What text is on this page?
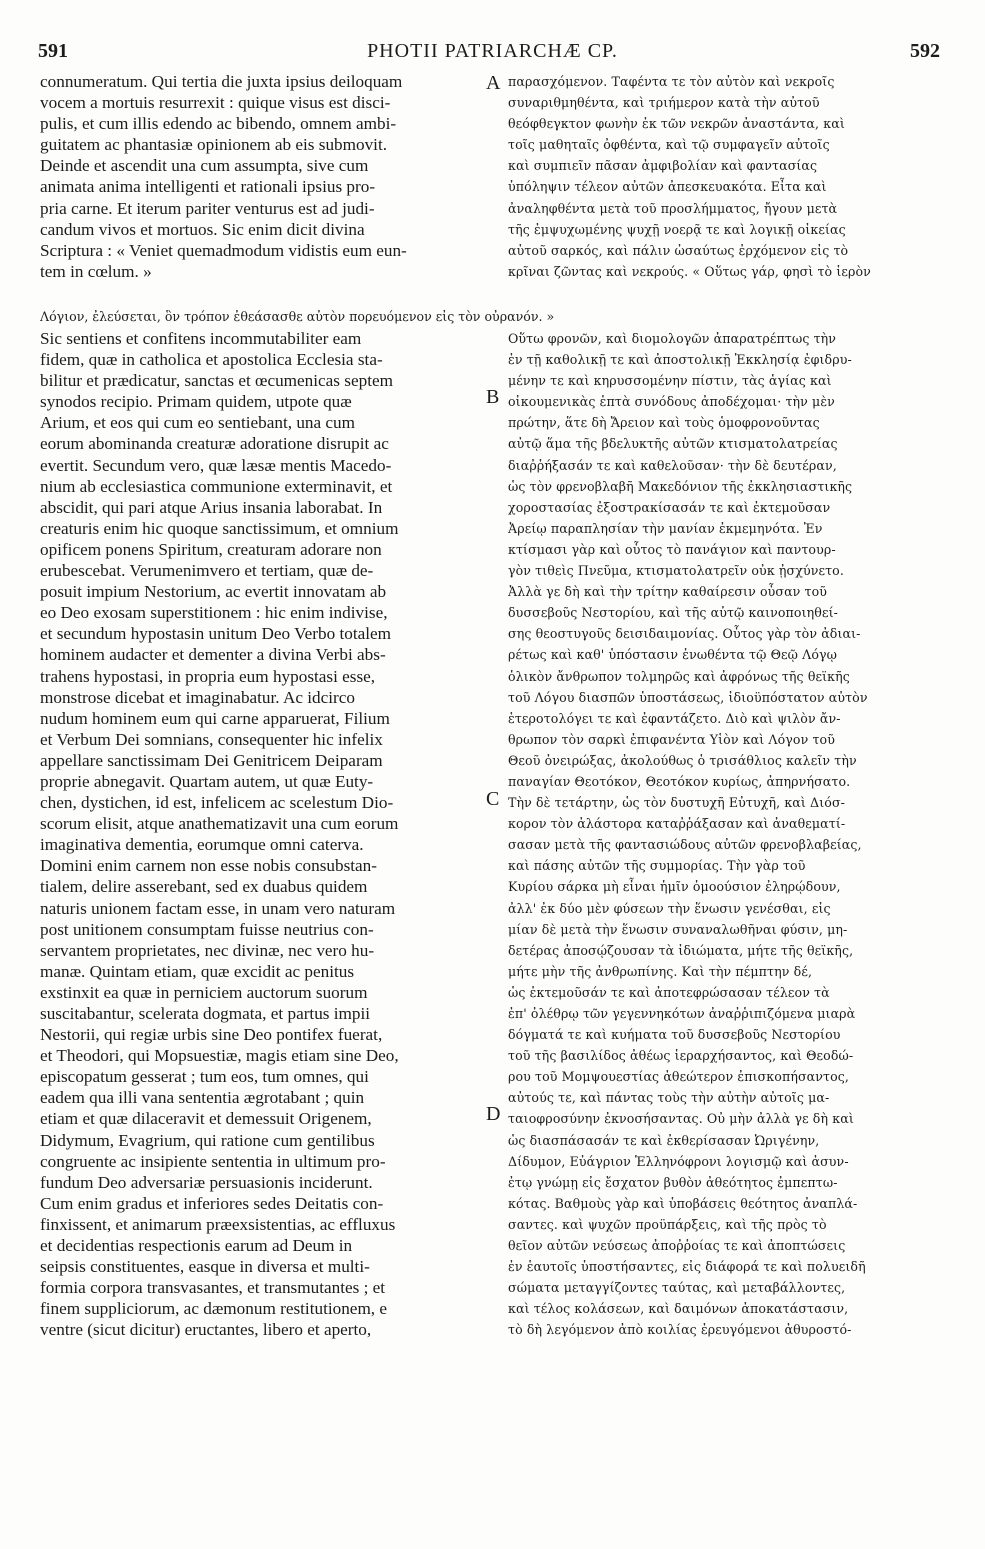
591	PHOTII PATRIARCHÆ CP.	592
connumeratum. Qui tertia die juxta ipsius deiloquam
vocem a mortuis resurrexit : quique visus est disci-
pulis, et cum illis edendo ac bibendo, omnem ambi-
guitatem ac phantasiæ opinionem ab eis submovit.
Deinde et ascendit una cum assumpta, sive cum
animata anima intelligenti et rationali ipsius pro-
pria carne. Et iterum pariter venturus est ad judi-
candum vivos et mortuos. Sic enim dicit divina
Scriptura : « Veniet quemadmodum vidistis eum eun-
tem in cœlum. »
παρασχόμενον. Ταφέντα τε τὸν αὐτὸν καὶ νεκροῖς
συναριθμηθέντα, καὶ τριήμερον κατὰ τὴν αὐτοῦ
θεόφθεγκτον φωνὴν ἐκ τῶν νεκρῶν ἀναστάντα, καὶ
τοῖς μαθηταῖς ὀφθέντα, καὶ τῷ συμφαγεῖν αὐτοῖς
καὶ συμπιεῖν πᾶσαν ἀμφιβολίαν καὶ φαντασίας
ὑπόληψιν τέλεον αὐτῶν ἀπεσκευακότα. Εἶτα καὶ
ἀναληφθέντα μετὰ τοῦ προσλήμματος, ἤγουν μετὰ
τῆς ἐμψυχωμένης ψυχῇ νοερᾷ τε καὶ λογικῇ οἰκείας
αὐτοῦ σαρκός, καὶ πάλιν ὡσαύτως ἐρχόμενον εἰς τὸ
κρῖναι ζῶντας καὶ νεκρούς. « Οὕτως γάρ, φησὶ τὸ ἱερὸν
Λόγιον, ἐλεύσεται, ὃν τρόπον ἐθεάσασθε αὐτὸν πορευόμενον εἰς τὸν οὐρανόν. »
Sic sentiens et confitens incommutabiliter eam
fidem, quæ in catholica et apostolica Ecclesia sta-
bilitur et prædicatur, sanctas et œcumenicas septem
synodos recipio. Primam quidem, utpote quæ
Arium, et eos qui cum eo sentiebant, una cum
eorum abominanda creaturæ adoratione disrupit ac
evertit. Secundum vero, quæ læsæ mentis Macedo-
nium ab ecclesiastica communione exterminavit, et
abscidit, qui pari atque Arius insania laborabat. In
creaturis enim hic quoque sanctissimum, et omnium
opificem ponens Spiritum, creaturam adorare non
erubescebat. Verumenimvero et tertiam, quæ de-
posuit impium Nestorium, ac evertit innovatam ab
eo Deo exosam superstitionem : hic enim indivise,
et secundum hypostasin unitum Deo Verbo totalem
hominem audacter et dementer a divina Verbi abs-
trahens hypostasi, in propria eum hypostasi esse,
monstrose dicebat et imaginabatur. Ac idcirco
nudum hominem eum qui carne apparuerat, Filium
et Verbum Dei somnians, consequenter hic infelix
appellare sanctissimam Dei Genitricem Deiparam
proprie abnegavit. Quartam autem, ut quæ Euty-
chen, dystichen, id est, infelicem ac scelestum Dio-
scorum elisit, atque anathematizavit una cum eorum
imaginativa dementia, eorumque omni caterva.
Domini enim carnem non esse nobis consubstan-
tialem, delire asserebant, sed ex duabus quidem
naturis unionem factam esse, in unam vero naturam
post unitionem consumptam fuisse neutrius con-
servantem proprietates, nec divinæ, nec vero hu-
manæ. Quintam etiam, quæ excidit ac penitus
exstinxit ea quæ in perniciem auctorum suorum
suscitabantur, scelerata dogmata, et partus impii
Nestorii, qui regiæ urbis sine Deo pontifex fuerat,
et Theodori, qui Mopsuestiæ, magis etiam sine Deo,
episcopatum gesserat ; tum eos, tum omnes, qui
eadem qua illi vana sententia ægrotabant ; quin
etiam et quæ dilaceravit et demessuit Origenem,
Didymum, Evagrium, qui ratione cum gentilibus
congruente ac insipiente sententia in ultimum pro-
fundum Deo adversariæ persuasionis inciderunt.
Cum enim gradus et inferiores sedes Deitatis con-
finxissent, et animarum præexsistentias, ac effluxus
et decidentias respectionis earum ad Deum in
seipsis constituentes, easque in diversa et multi-
formia corpora transvasantes, et transmutantes ; et
finem suppliciorum, ac dæmonum restitutionem, e
ventre (sicut dicitur) eructantes, libero et aperto,
Οὕτω φρονῶν, καὶ διομολογῶν ἀπαρατρέπτως τὴν
ἐν τῇ καθολικῇ τε καὶ ἀποστολικῇ Ἐκκλησίᾳ ἐφιδρυ-
μένην τε καὶ κηρυσσομένην πίστιν, τὰς ἁγίας καὶ
οἰκουμενικὰς ἑπτὰ συνόδους ἀποδέχομαι· τὴν μὲν
πρώτην, ἅτε δὴ Ἄρειον καὶ τοὺς ὁμοφρονοῦντας
αὐτῷ ἅμα τῆς βδελυκτῆς αὐτῶν κτισματολατρείας
διαῤῥήξασάν τε καὶ καθελοῦσαν· τὴν δὲ δευτέραν,
ὡς τὸν φρενοβλαβῆ Μακεδόνιον τῆς ἐκκλησιαστικῆς
χοροστασίας ἐξοστρακίσασάν τε καὶ ἐκτεμοῦσαν
Ἀρείῳ παραπλησίαν τὴν μανίαν ἐκμεμηνότα. Ἐν
κτίσμασι γὰρ καὶ οὗτος τὸ πανάγιον καὶ παντουρ-
γὸν τιθεὶς Πνεῦμα, κτισματολατρεῖν οὐκ ᾐσχύνετο.
Ἀλλὰ γε δὴ καὶ τὴν τρίτην καθαίρεσιν οὖσαν τοῦ
δυσσεβοῦς Νεστορίου, καὶ τῆς αὐτῷ καινοποιηθεί-
σης θεοστυγοῦς δεισιδαιμονίας. Οὗτος γὰρ τὸν ἀδιαι-
ρέτως καὶ καθ' ὑπόστασιν ἑνωθέντα τῷ Θεῷ Λόγῳ
ὁλικὸν ἄνθρωπον τολμηρῶς καὶ ἀφρόνως τῆς θεϊκῆς
τοῦ Λόγου διασπῶν ὑποστάσεως, ἰδιοϋπόστατον αὐτὸν
ἑτεροτολόγει τε καὶ ἐφαντάζετο. Διὸ καὶ ψιλὸν ἄν-
θρωπον τὸν σαρκὶ ἐπιφανέντα Υἱὸν καὶ Λόγον τοῦ
Θεοῦ ὀνειρώξας, ἀκολούθως ὁ τρισάθλιος καλεῖν τὴν
παναγίαν Θεοτόκον, Θεοτόκον κυρίως, ἀπηρνήσατο.
Τὴν δὲ τετάρτην, ὡς τὸν δυστυχῆ Εὐτυχῆ, καὶ Διόσ-
κορον τὸν ἀλάστορα καταῤῥάξασαν καὶ ἀναθεματί-
σασαν μετὰ τῆς φαντασιώδους αὐτῶν φρενοβλαβείας,
καὶ πάσης αὐτῶν τῆς συμμορίας. Τὴν γὰρ τοῦ
Κυρίου σάρκα μὴ εἶναι ἡμῖν ὁμοούσιον ἐληρῴδουν,
ἀλλ' ἐκ δύο μὲν φύσεων τὴν ἕνωσιν γενέσθαι, εἰς
μίαν δὲ μετὰ τὴν ἕνωσιν συναναλωθῆναι φύσιν, μη-
δετέρας ἀποσῴζουσαν τὰ ἰδιώματα, μήτε τῆς θεϊκῆς,
μήτε μὴν τῆς ἀνθρωπίνης. Καὶ τὴν πέμπτην δέ,
ὡς ἐκτεμοῦσάν τε καὶ ἀποτεφρώσασαν τέλεον τὰ
ἐπ' ὀλέθρῳ τῶν γεγεννηκότων ἀναῤῥιπιζόμενα μιαρὰ
δόγματά τε καὶ κυήματα τοῦ δυσσεβοῦς Νεστορίου
τοῦ τῆς βασιλίδος ἀθέως ἱεραρχήσαντος, καὶ Θεοδώ-
ρου τοῦ Μομψουεστίας ἀθεώτερον ἐπισκοπήσαντος,
αὐτούς τε, καὶ πάντας τοὺς τὴν αὐτὴν αὐτοῖς μα-
ταιοφροσύνην ἐκνοσήσαντας. Οὐ μὴν ἀλλὰ γε δὴ καὶ
ὡς διασπάσασάν τε καὶ ἐκθερίσασαν Ὠριγένην,
Δίδυμον, Εὐάγριον Ἑλληνόφρονι λογισμῷ καὶ ἀσυν-
ἐτῳ γνώμῃ εἰς ἔσχατον βυθὸν ἀθεότητος ἐμπεπτω-
κότας. Βαθμοὺς γὰρ καὶ ὑποβάσεις θεότητος ἀναπλά-
σαντες. καὶ ψυχῶν προϋπάρξεις, καὶ τῆς πρὸς τὸ
θεῖον αὐτῶν νεύσεως ἀποῤῥοίας τε καὶ ἀποπτώσεις
ἐν ἑαυτοῖς ὑποστήσαντες, εἰς διάφορά τε καὶ πολυειδῆ
σώματα μεταγγίζοντες ταύτας, καὶ μεταβάλλοντες,
καὶ τέλος κολάσεων, καὶ δαιμόνων ἀποκατάστασιν,
τὸ δὴ λεγόμενον ἀπὸ κοιλίας ἐρευγόμενοι ἀθυροστό-
A
B
C
D
